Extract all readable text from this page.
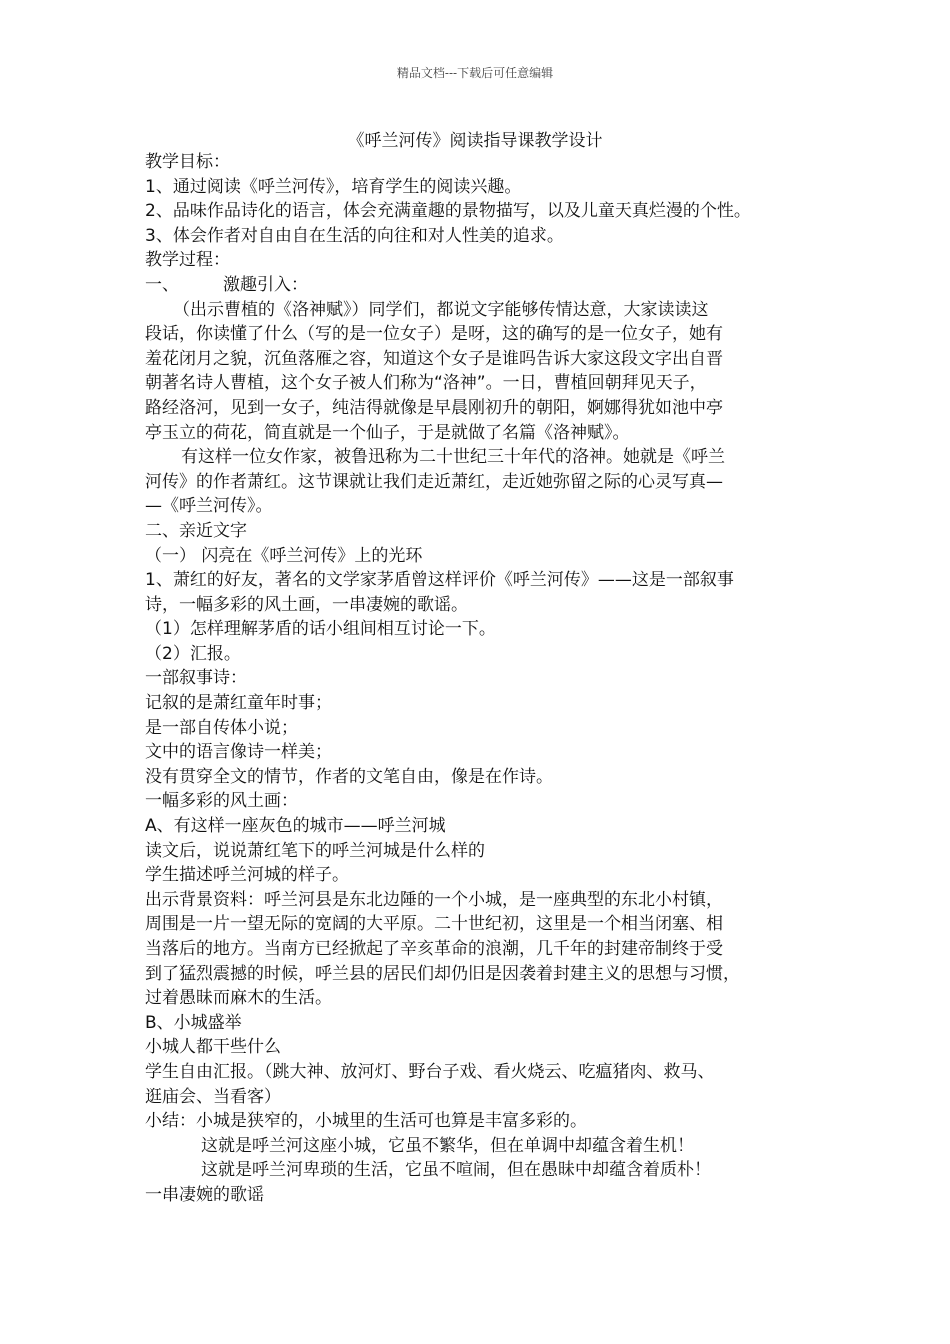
精品文档---下载后可任意编辑
《呼兰河传》阅读指导课教学设计
教学目标：
1、通过阅读《呼兰河传》，培育学生的阅读兴趣。
2、品味作品诗化的语言，体会充满童趣的景物描写，以及儿童天真烂漫的个性。
3、体会作者对自由自在生活的向往和对人性美的追求。
教学过程：
一、	激趣引入：
（出示曹植的《洛神赋》）同学们，都说文字能够传情达意，大家读读这
段话，你读懂了什么（写的是一位女子）是呀，这的确写的是一位女子，她有
羞花闭月之貌，沉鱼落雁之容，知道这个女子是谁吗告诉大家这段文字出自晋
朝著名诗人曹植，这个女子被人们称为“洛神”。一日，曹植回朝拜见天子，
路经洛河，见到一女子，纯洁得就像是早晨刚初升的朝阳，婀娜得犹如池中亭
亭玉立的荷花，简直就是一个仙子，于是就做了名篇《洛神赋》。
有这样一位女作家，被鲁迅称为二十世纪三十年代的洛神。她就是《呼兰
河传》的作者萧红。这节课就让我们走近萧红，走近她弥留之际的心灵写真—
—《呼兰河传》。
二、亲近文字
（一） 闪亮在《呼兰河传》上的光环
1、萧红的好友，著名的文学家茅盾曾这样评价《呼兰河传》——这是一部叙事
诗，一幅多彩的风土画，一串凄婉的歌谣。
（1）怎样理解茅盾的话小组间相互讨论一下。
（2）汇报。
一部叙事诗：
记叙的是萧红童年时事；
是一部自传体小说；
文中的语言像诗一样美；
没有贯穿全文的情节，作者的文笔自由，像是在作诗。
一幅多彩的风土画：
A、有这样一座灰色的城市——呼兰河城
读文后，说说萧红笔下的呼兰河城是什么样的
学生描述呼兰河城的样子。
出示背景资料：呼兰河县是东北边陲的一个小城，是一座典型的东北小村镇，
周围是一片一望无际的宽阔的大平原。二十世纪初，这里是一个相当闭塞、相
当落后的地方。当南方已经掀起了辛亥革命的浪潮，几千年的封建帝制终于受
到了猛烈震撼的时候，呼兰县的居民们却仍旧是因袭着封建主义的思想与习惯，
过着愚昧而麻木的生活。
B、小城盛举
小城人都干些什么
学生自由汇报。（跳大神、放河灯、野台子戏、看火烧云、吃瘟猪肉、救马、
逛庙会、当看客）
小结：小城是狭窄的，小城里的生活可也算是丰富多彩的。
这就是呼兰河这座小城，它虽不繁华，但在单调中却蕴含着生机！
这就是呼兰河卑琐的生活，它虽不喧闹，但在愚昧中却蕴含着质朴！
一串凄婉的歌谣
